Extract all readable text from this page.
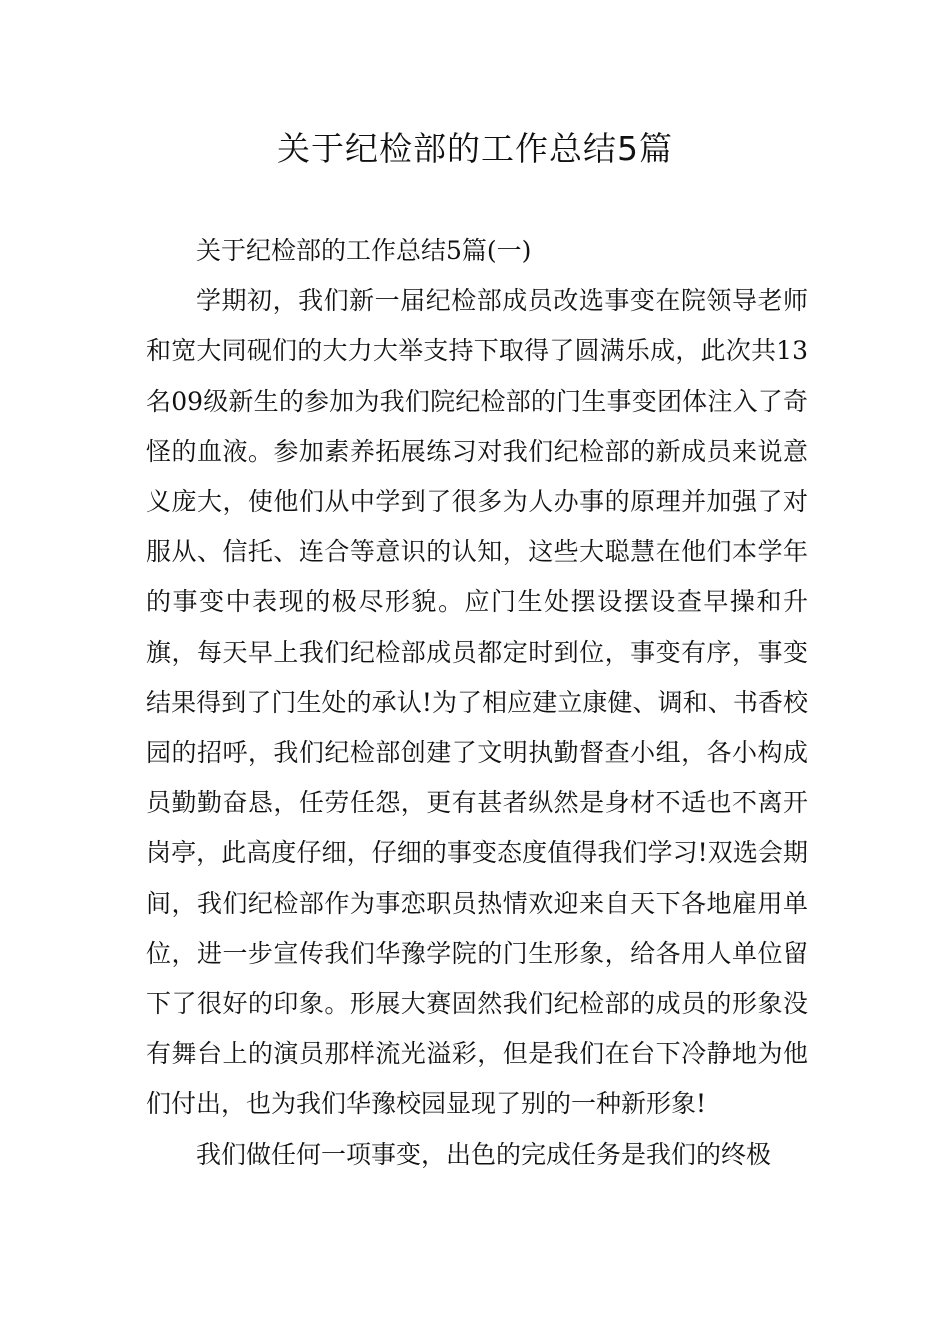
关于纪检部的工作总结5篇

关于纪检部的工作总结5篇(一)

学期初，我们新一届纪检部成员改选事变在院领导老师和宽大同砚们的大力大举支持下取得了圆满乐成，此次共13名09级新生的参加为我们院纪检部的门生事变团体注入了奇怪的血液。参加素养拓展练习对我们纪检部的新成员来说意义庞大，使他们从中学到了很多为人办事的原理并加强了对服从、信托、连合等意识的认知，这些大聪慧在他们本学年的事变中表现的极尽形貌。应门生处摆设摆设查早操和升旗，每天早上我们纪检部成员都定时到位，事变有序，事变结果得到了门生处的承认!为了相应建立康健、调和、书香校园的招呼，我们纪检部创建了文明执勤督查小组，各小构成员勤勤奋恳，任劳任怨，更有甚者纵然是身材不适也不离开岗亭，此高度仔细，仔细的事变态度值得我们学习!双选会期间，我们纪检部作为事恋职员热情欢迎来自天下各地雇用单位，进一步宣传我们华豫学院的门生形象，给各用人单位留下了很好的印象。形展大赛固然我们纪检部的成员的形象没有舞台上的演员那样流光溢彩，但是我们在台下冷静地为他们付出，也为我们华豫校园显现了别的一种新形象!

我们做任何一项事变，出色的完成任务是我们的终极
